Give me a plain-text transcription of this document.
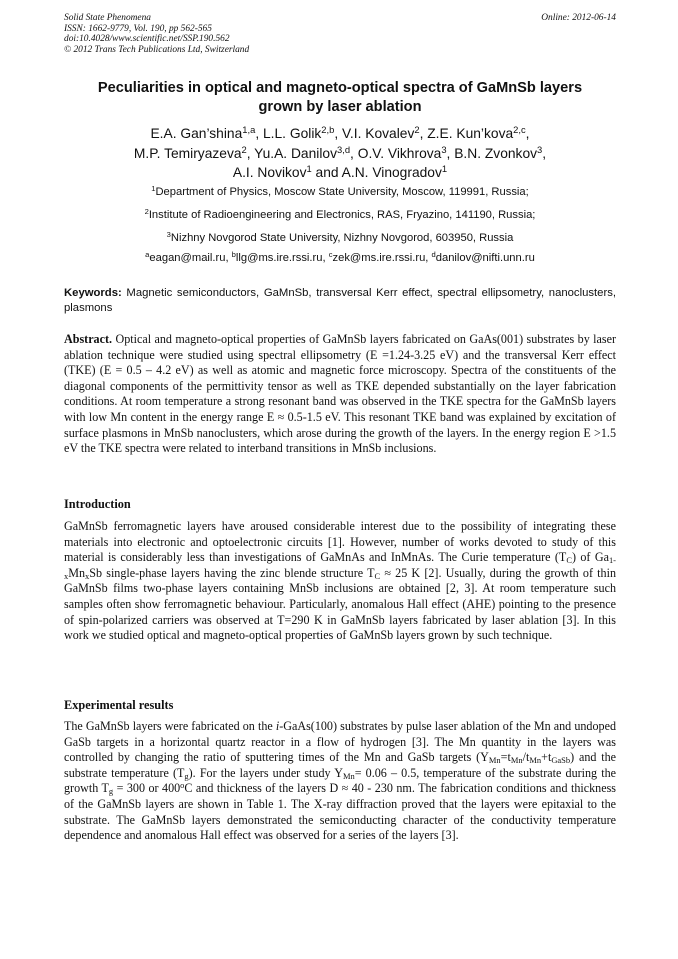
Solid State Phenomena
ISSN: 1662-9779, Vol. 190, pp 562-565
doi:10.4028/www.scientific.net/SSP.190.562
© 2012 Trans Tech Publications Ltd, Switzerland
Online: 2012-06-14
Peculiarities in optical and magneto-optical spectra of GaMnSb layers
grown by laser ablation
E.A. Gan’shina$^{1,a}$, L.L. Golik$^{2,b}$, V.I. Kovalev$^2$, Z.E. Kun’kova$^{2,c}$,
M.P. Temiryazeva$^2$, Yu.A. Danilov$^{3,d}$, O.V. Vikhrova$^3$, B.N. Zvonkov$^3$,
A.I. Novikov$^1$ and A.N. Vinogradov$^1$
$^1$Department of Physics, Moscow State University, Moscow, 119991, Russia;
$^2$Institute of Radioengineering and Electronics, RAS, Fryazino, 141190, Russia;
$^3$Nizhny Novgorod State University, Nizhny Novgorod, 603950, Russia
$^a$eagan@mail.ru, $^b$llg@ms.ire.rssi.ru, $^c$zek@ms.ire.rssi.ru, $^d$danilov@nifti.unn.ru
Keywords: Magnetic semiconductors, GaMnSb, transversal Kerr effect, spectral ellipsometry, nanoclusters, plasmons
Abstract. Optical and magneto-optical properties of GaMnSb layers fabricated on GaAs(001) substrates by laser ablation technique were studied using spectral ellipsometry (E =1.24-3.25 eV) and the transversal Kerr effect (TKE) (E = 0.5 – 4.2 eV) as well as atomic and magnetic force microscopy. Spectra of the constituents of the diagonal components of the permittivity tensor as well as TKE depended substantially on the layer fabrication conditions. At room temperature a strong resonant band was observed in the TKE spectra for the GaMnSb layers with low Mn content in the energy range E ≈ 0.5-1.5 eV. This resonant TKE band was explained by excitation of surface plasmons in MnSb nanoclusters, which arose during the growth of the layers. In the energy region E >1.5 eV the TKE spectra were related to interband transitions in MnSb inclusions.
Introduction
GaMnSb ferromagnetic layers have aroused considerable interest due to the possibility of integrating these materials into electronic and optoelectronic circuits [1]. However, number of works devoted to study of this material is considerably less than investigations of GaMnAs and InMnAs. The Curie temperature $(T_C)$ of $Ga_{1-x}Mn_xSb$ single-phase layers having the zinc blende structure $T_C \approx 25$ K [2]. Usually, during the growth of thin GaMnSb films two-phase layers containing MnSb inclusions are obtained [2, 3]. At room temperature such samples often show ferromagnetic behaviour. Particularly, anomalous Hall effect (AHE) pointing to the presence of spin-polarized carriers was observed at T=290 K in GaMnSb layers fabricated by laser ablation [3]. In this work we studied optical and magneto-optical properties of GaMnSb layers grown by such technique.
Experimental results
The GaMnSb layers were fabricated on the i-GaAs(100) substrates by pulse laser ablation of the Mn and undoped GaSb targets in a horizontal quartz reactor in a flow of hydrogen [3]. The Mn quantity in the layers was controlled by changing the ratio of sputtering times of the Mn and GaSb targets $(Y_{Mn}=t_{Mn}/t_{Mn}+t_{GaSb})$ and the substrate temperature $(T_g)$. For the layers under study $Y_{Mn}= 0.06 - 0.5$, temperature of the substrate during the growth $T_g = 300$ or 400$^o$C and thickness of the layers D ≈ 40 - 230 nm. The fabrication conditions and thickness of the GaMnSb layers are shown in Table 1. The X-ray diffraction proved that the layers were epitaxial to the substrate. The GaMnSb layers demonstrated the semiconducting character of the conductivity temperature dependence and anomalous Hall effect was observed for a series of the layers [3].
